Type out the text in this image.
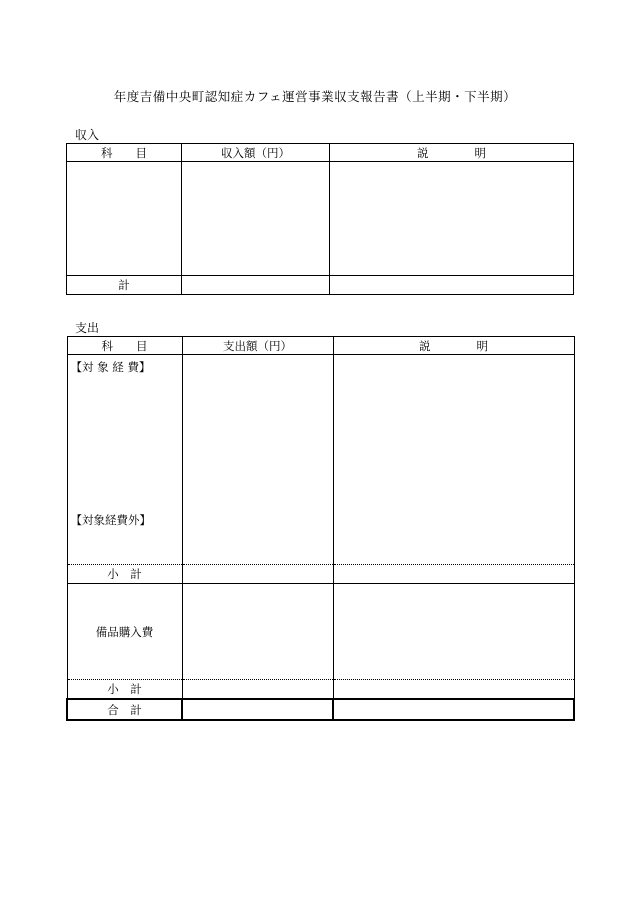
年度吉備中央町認知症カフェ運営事業収支報告書（上半期・下半期）
収入
科　　目	収入額（円）	説　　　　明

計		
支出
科　　目	支出額（円）	説　　　　明

【対 象 経 費】
【対象経費外】		

小　計		
備品購入費		
小　計		
合　計		
